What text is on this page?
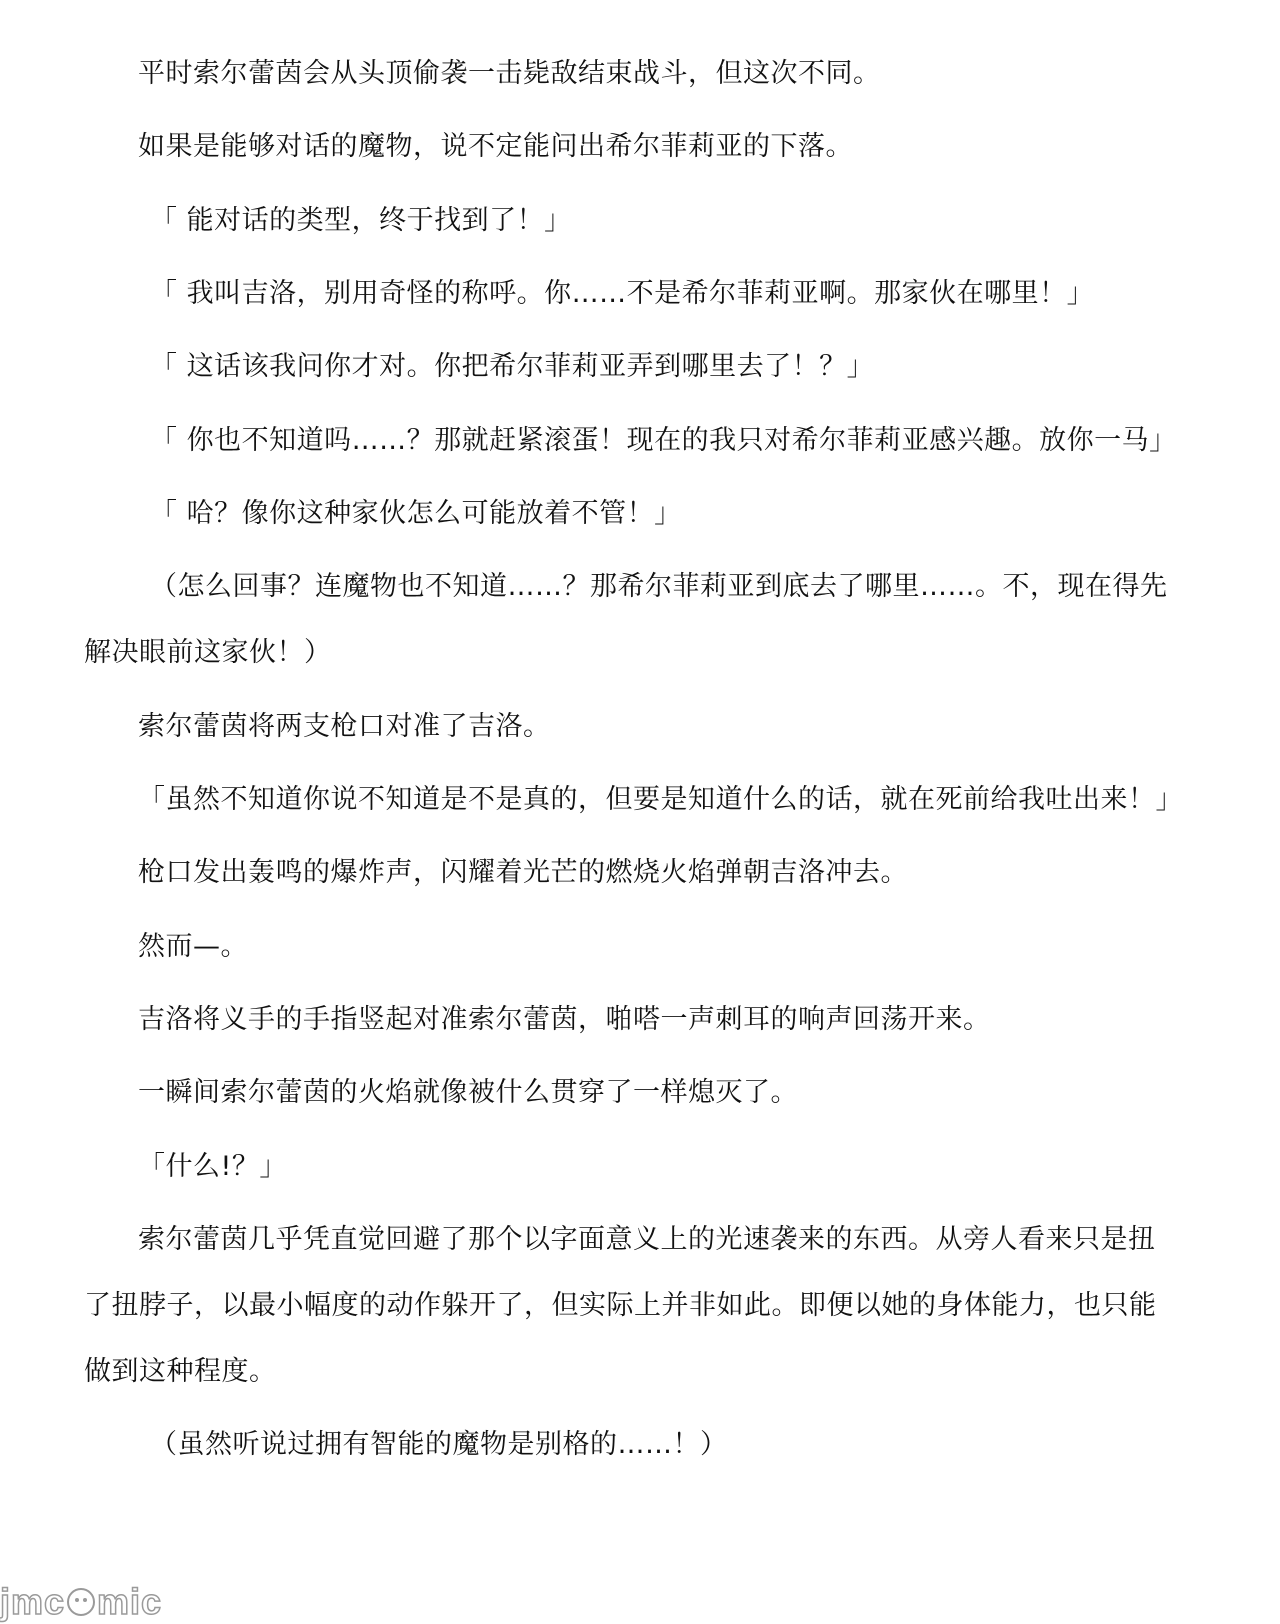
平时索尔蕾茵会从头顶偷袭一击毙敌结束战斗，但这次不同。
如果是能够对话的魔物，说不定能问出希尔菲莉亚的下落。
「 能对话的类型，终于找到了！」
「 我叫吉洛，别用奇怪的称呼。你……不是希尔菲莉亚啊。那家伙在哪里！」
「 这话该我问你才对。你把希尔菲莉亚弄到哪里去了！？」
「 你也不知道吗……？那就赶紧滚蛋！现在的我只对希尔菲莉亚感兴趣。放你一马」
「 哈？像你这种家伙怎么可能放着不管！」
（怎么回事？连魔物也不知道……？那希尔菲莉亚到底去了哪里……。不，现在得先
解决眼前这家伙！）
索尔蕾茵将两支枪口对准了吉洛。
「虽然不知道你说不知道是不是真的，但要是知道什么的话，就在死前给我吐出来！」
枪口发出轰鸣的爆炸声，闪耀着光芒的燃烧火焰弹朝吉洛冲去。
然而—。
吉洛将义手的手指竖起对准索尔蕾茵，啪嗒一声刺耳的响声回荡开来。
一瞬间索尔蕾茵的火焰就像被什么贯穿了一样熄灭了。
「什么!？」
索尔蕾茵几乎凭直觉回避了那个以字面意义上的光速袭来的东西。从旁人看来只是扭
了扭脖子，以最小幅度的动作躲开了，但实际上并非如此。即便以她的身体能力，也只能
做到这种程度。
（虽然听说过拥有智能的魔物是别格的……！）
jmc mic
